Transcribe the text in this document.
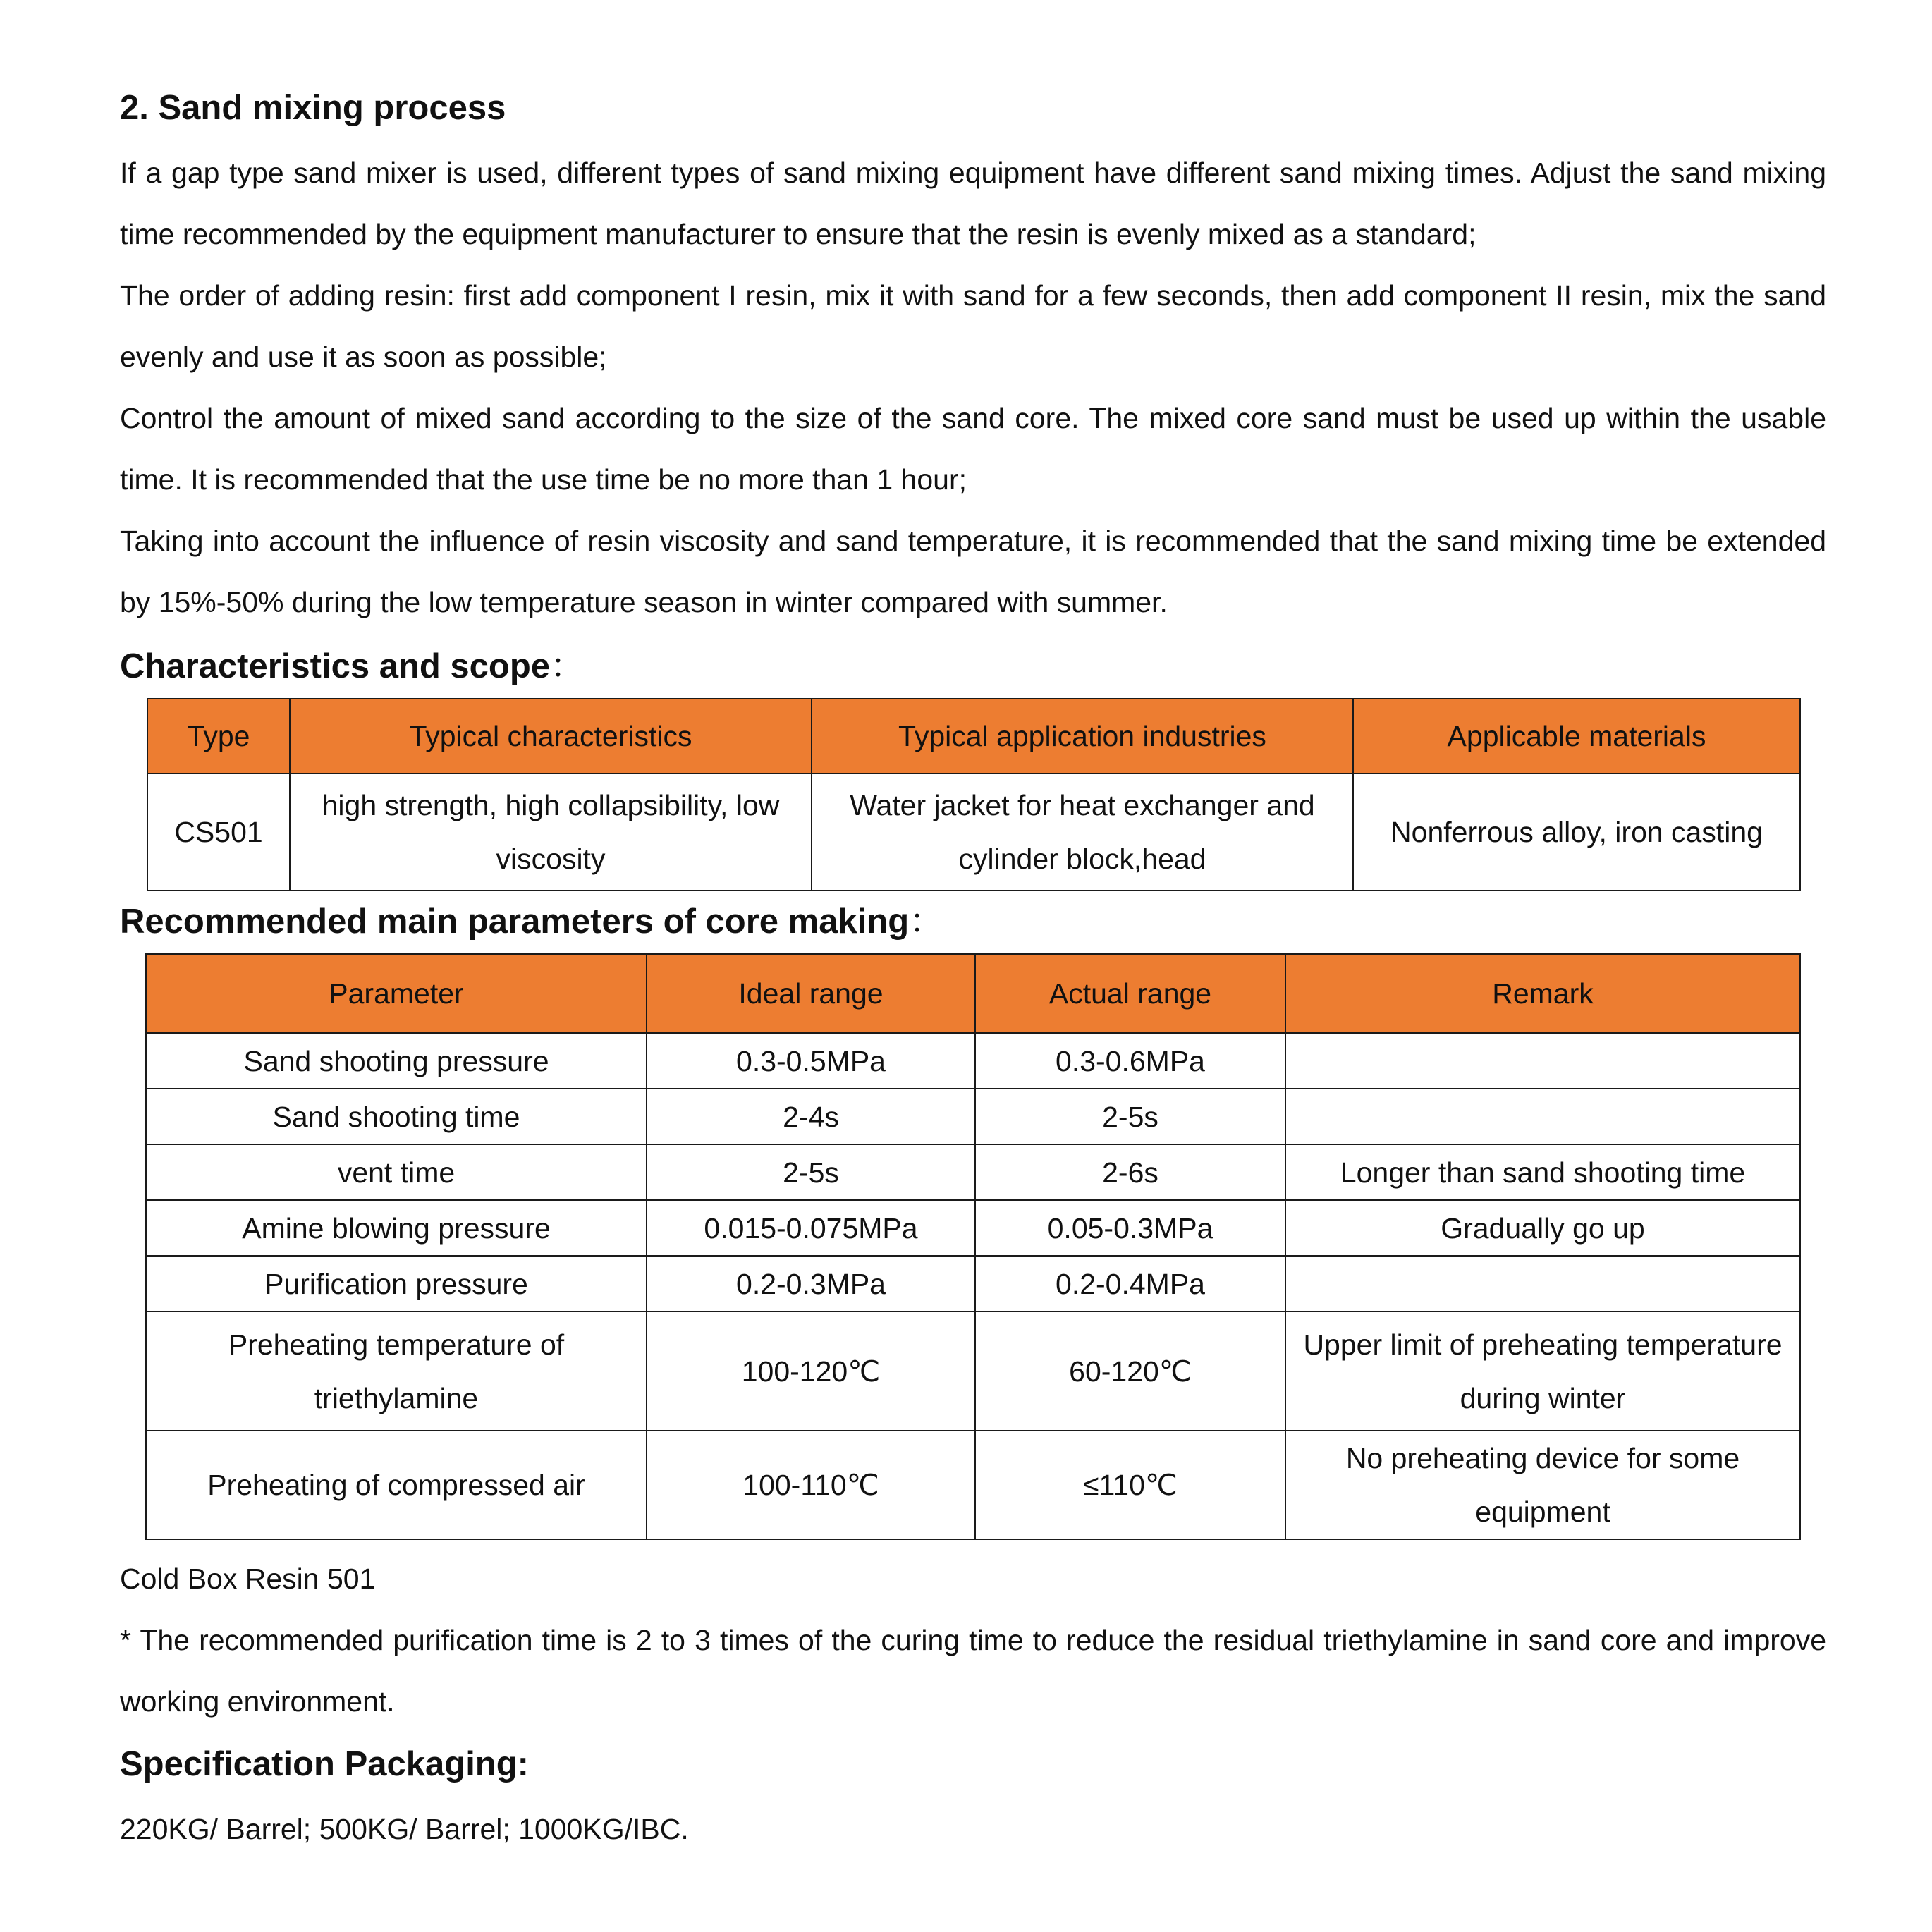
2. Sand mixing process

If a gap type sand mixer is used, different types of sand mixing equipment have different sand mixing times. Adjust the sand mixing time recommended by the equipment manufacturer to ensure that the resin is evenly mixed as a standard;

The order of adding resin: first add component I resin, mix it with sand for a few seconds, then add component II resin, mix the sand evenly and use it as soon as possible;

Control the amount of mixed sand according to the size of the sand core. The mixed core sand must be used up within the usable time. It is recommended that the use time be no more than 1 hour;

Taking into account the influence of resin viscosity and sand temperature, it is recommended that the sand mixing time be extended by 15%-50% during the low temperature season in winter compared with summer.

Characteristics and scope：
Type	Typical characteristics	Typical application industries	Applicable materials
CS501	high strength, high collapsibility, low viscosity	Water jacket for heat exchanger and cylinder block,head	Nonferrous alloy, iron casting
Recommended main parameters of core making：
Parameter	Ideal range	Actual range	Remark
Sand shooting pressure	0.3-0.5MPa	0.3-0.6MPa	
Sand shooting time	2-4s	2-5s	
vent time	2-5s	2-6s	Longer than sand shooting time
Amine blowing pressure	0.015-0.075MPa	0.05-0.3MPa	Gradually go up
Purification pressure	0.2-0.3MPa	0.2-0.4MPa	
Preheating temperature of triethylamine	100-120℃	60-120℃	Upper limit of preheating temperature during winter
Preheating of compressed air	100-110℃	≤110℃	No preheating device for some equipment

Cold Box Resin 501

* The recommended purification time is 2 to 3 times of the curing time to reduce the residual triethylamine in sand core and improve working environment.

Specification Packaging:

220KG/ Barrel; 500KG/ Barrel; 1000KG/IBC.
